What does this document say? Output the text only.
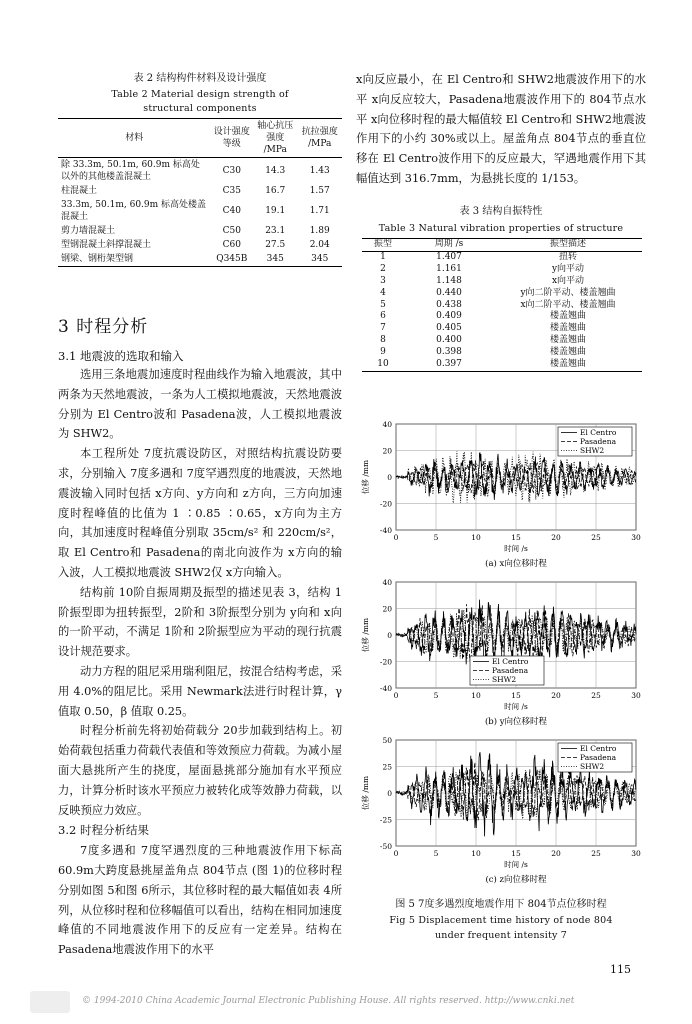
表 2 结构构件材料及设计强度
Table 2 Material design strength of
structural components
材料	设计强度等级	轴心抗压强度 /MPa	抗拉强度 /MPa
除 33.3m, 50.1m, 60.9m 标高处以外的其他楼盖混凝土	C30	14.3	1.43
柱混凝土	C35	16.7	1.57
33.3m, 50.1m, 60.9m 标高处楼盖混凝土	C40	19.1	1.71
剪力墙混凝土	C50	23.1	1.89
型钢混凝土斜撑混凝土	C60	27.5	2.04
钢梁、钢桁架型钢	Q345B	345	345
3 时程分析
3.1 地震波的选取和输入

选用三条地震加速度时程曲线作为输入地震波，其中两条为天然地震波，一条为人工模拟地震波，天然地震波分别为 El Centro波和 Pasadena波，人工模拟地震波为 SHW2。

本工程所处 7度抗震设防区，对照结构抗震设防要求，分别输入 7度多遇和 7度罕遇烈度的地震波，天然地震波输入同时包括 x方向、y方向和 z方向，三方向加速度时程峰值的比值为 1 ∶0.85 ∶0.65，x方向为主方向，其加速度时程峰值分别取 35cm/s² 和 220cm/s²，取 El Centro和 Pasadena的南北向波作为 x方向的输入波，人工模拟地震波 SHW2仅 x方向输入。

结构前 10阶自振周期及振型的描述见表 3，结构 1阶振型即为扭转振型，2阶和 3阶振型分别为 y向和 x向的一阶平动，不满足 1阶和 2阶振型应为平动的现行抗震设计规范要求。

动力方程的阻尼采用瑞利阻尼，按混合结构考虑，采用 4.0%的阻尼比。采用 Newmark法进行时程计算，γ 值取 0.50，β 值取 0.25。

时程分析前先将初始荷载分 20步加载到结构上。初始荷载包括重力荷载代表值和等效预应力荷载。为减小屋面大悬挑所产生的挠度，屋面悬挑部分施加有水平预应力，计算分析时该水平预应力被转化成等效静力荷载，以反映预应力效应。

3.2 时程分析结果

7度多遇和 7度罕遇烈度的三种地震波作用下标高 60.9m大跨度悬挑屋盖角点 804节点 (图 1)的位移时程分别如图 5和图 6所示，其位移时程的最大幅值如表 4所列，从位移时程和位移幅值可以看出，结构在相同加速度峰值的不同地震波作用下的反应有一定差异。结构在 Pasadena地震波作用下的水平

x向反应最小，在 El Centro和 SHW2地震波作用下的水平 x向反应较大，Pasadena地震波作用下的 804节点水平 x向位移时程的最大幅值较 El Centro和 SHW2地震波作用下的小约 30%或以上。屋盖角点 804节点的垂直位移在 El Centro波作用下的反应最大，罕遇地震作用下其幅值达到 316.7mm，为悬挑长度的 1/153。

表 3 结构自振特性
Table 3 Natural vibration properties of structure
振型	周期 /s	振型描述
1	1.407	扭转
2	1.161	y向平动
3	1.148	x向平动
4	0.440	y向二阶平动、楼盖翘曲
5	0.438	x向二阶平动、楼盖翘曲
6	0.409	楼盖翘曲
7	0.405	楼盖翘曲
8	0.400	楼盖翘曲
9	0.398	楼盖翘曲
10	0.397	楼盖翘曲
40
20
0
-20
-40
0	5	10	15	20	25	30
时间 /s
位移 /mm
(a) x向位移时程
El Centro
Pasadena
SHW2
40
20
0
-20
-40
0	5	10	15	20	25	30
时间 /s
位移 /mm
(b) y向位移时程
El Centro
Pasadena
SHW2
50
25
0
-25
-50
0	5	10	15	20	25	30
时间 /s
位移 /mm
(c) z向位移时程
El Centro
Pasadena
SHW2
图 5 7度多遇烈度地震作用下 804节点位移时程
Fig 5 Displacement time history of node 804
under frequent intensity 7
115
© 1994-2010 China Academic Journal Electronic Publishing House. All rights reserved. http://www.cnki.net
